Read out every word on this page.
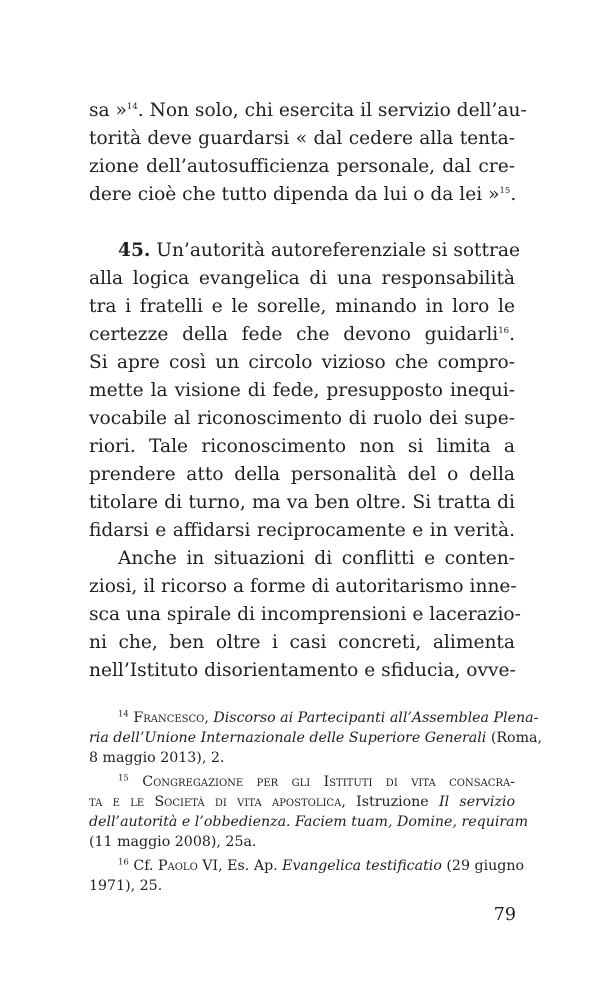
sa »$^{14}$. Non solo, chi esercita il servizio dell’au-
torità deve guardarsi « dal cedere alla tenta-
zione dell’autosufficienza personale, dal cre-
dere cioè che tutto dipenda da lui o da lei »$^{15}$.
45. Un’autorità autoreferenziale si sottrae
alla logica evangelica di una responsabilità
tra i fratelli e le sorelle, minando in loro le
certezze della fede che devono guidarli$^{16}$.
Si apre così un circolo vizioso che compro-
mette la visione di fede, presupposto inequi-
vocabile al riconoscimento di ruolo dei supe-
riori. Tale riconoscimento non si limita a
prendere atto della personalità del o della
titolare di turno, ma va ben oltre. Si tratta di
fidarsi e affidarsi reciprocamente e in verità.
Anche in situazioni di conflitti e conten-
ziosi, il ricorso a forme di autoritarismo inne-
sca una spirale di incomprensioni e lacerazio-
ni che, ben oltre i casi concreti, alimenta
nell’Istituto disorientamento e sfiducia, ovve-
$^{14}$ Francesco, Discorso ai Partecipanti all’Assemblea Plena-
ria dell’Unione Internazionale delle Superiore Generali (Roma,
8 maggio 2013), 2.
$^{15}$ Congregazione per gli Istituti di vita consacra-
ta e le Società di vita apostolica, Istruzione Il servizio
dell’autorità e l’obbedienza. Faciem tuam, Domine, requiram
(11 maggio 2008), 25a.
$^{16}$ Cf. Paolo VI, Es. Ap. Evangelica testificatio (29 giugno
1971), 25.
79
